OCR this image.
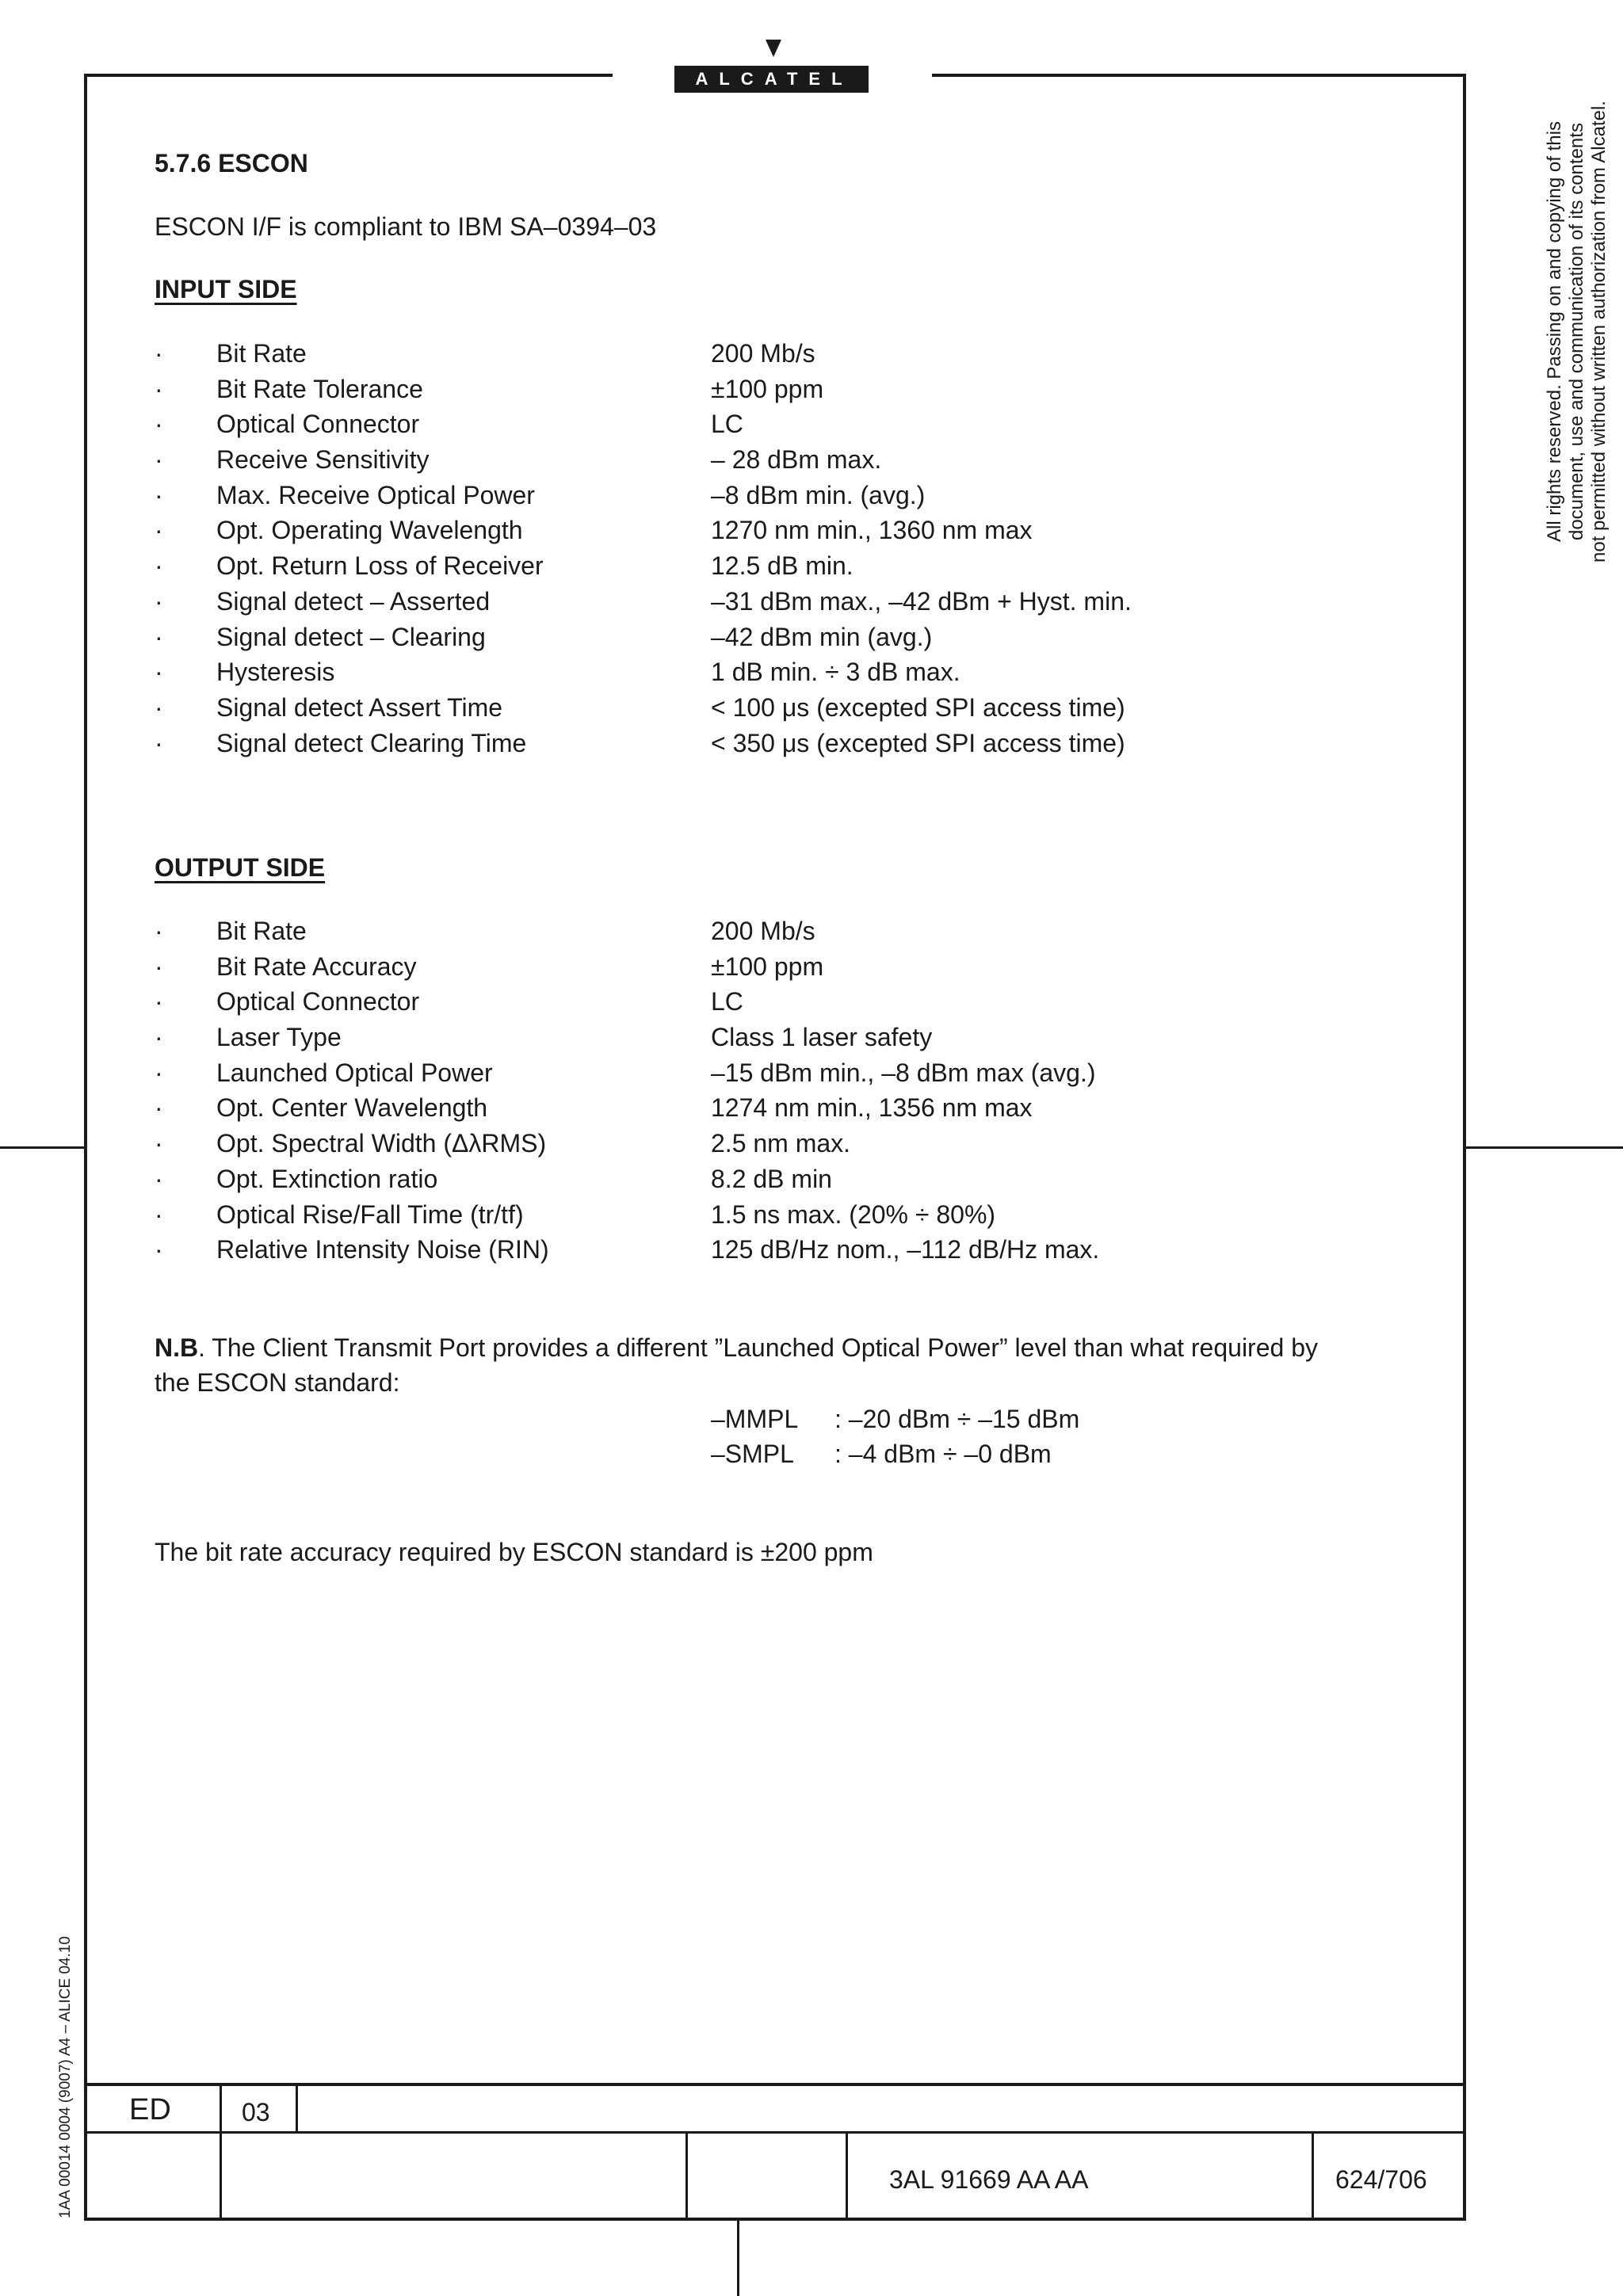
ALCATEL
5.7.6 ESCON
ESCON I/F is compliant to IBM SA–0394–03
INPUT SIDE
· Bit Rate	200 Mb/s
· Bit Rate Tolerance	±100 ppm
· Optical Connector	LC
· Receive Sensitivity	– 28 dBm max.
· Max. Receive Optical Power	–8 dBm min. (avg.)
· Opt. Operating Wavelength	1270 nm min., 1360 nm max
· Opt. Return Loss of Receiver	12.5 dB min.
· Signal detect – Asserted	–31 dBm max., –42 dBm + Hyst. min.
· Signal detect – Clearing	–42 dBm min (avg.)
· Hysteresis	1 dB min. ÷ 3 dB max.
· Signal detect Assert Time	< 100 μs (excepted SPI access time)
· Signal detect Clearing Time	< 350 μs (excepted SPI access time)
OUTPUT SIDE
· Bit Rate	200 Mb/s
· Bit Rate Accuracy	±100 ppm
· Optical Connector	LC
· Laser Type	Class 1 laser safety
· Launched Optical Power	–15 dBm min., –8 dBm max (avg.)
· Opt. Center Wavelength	1274 nm min., 1356 nm max
· Opt. Spectral Width (ΔλRMS)	2.5 nm max.
· Opt. Extinction ratio	8.2 dB min
· Optical Rise/Fall Time (tr/tf)	1.5 ns max. (20% ÷ 80%)
· Relative Intensity Noise (RIN)	125 dB/Hz nom., –112 dB/Hz max.
N.B. The Client Transmit Port provides a different ”Launched Optical Power” level than what required by
the ESCON standard:
–MMPL : –20 dBm ÷ –15 dBm
–SMPL : –4 dBm ÷ –0 dBm
The bit rate accuracy required by ESCON standard is ±200 ppm
All rights reserved. Passing on and copying of this document, use and communication of its contents not permitted without written authorization from Alcatel.
1AA 00014 0004 (9007) A4 – ALICE 04.10 ED	03
3AL 91669 AA AA	624/706
